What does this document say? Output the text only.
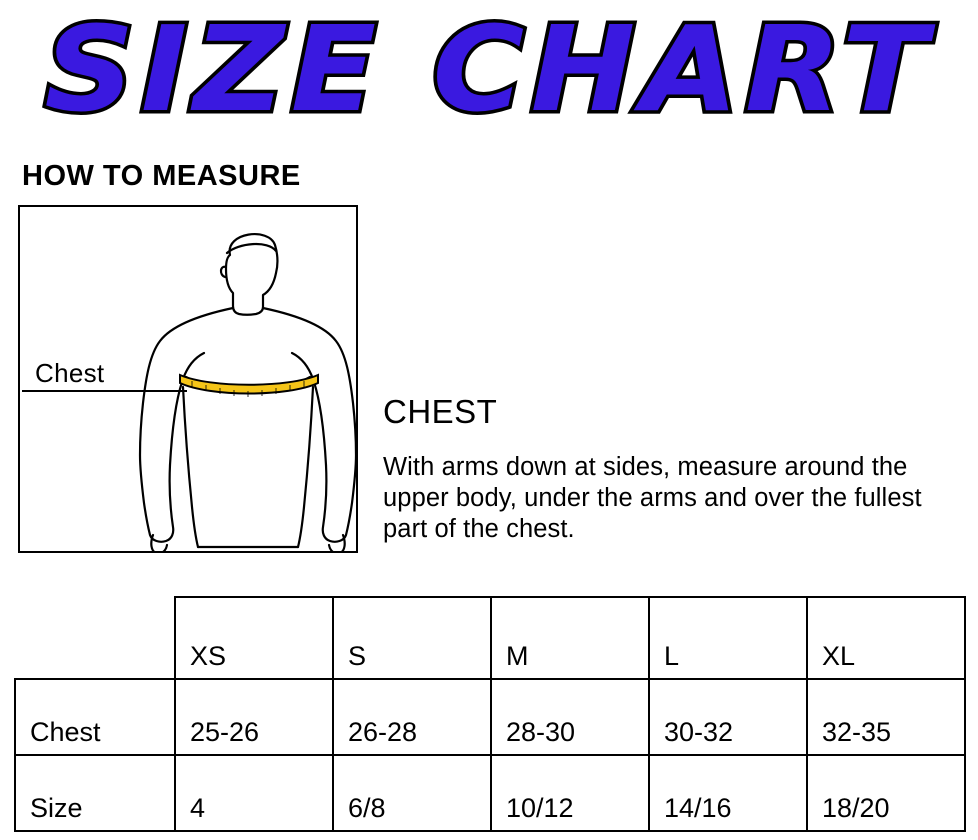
SIZE CHART
HOW TO MEASURE
Chest
CHEST
With arms down at sides, measure around the upper body, under the arms and over the fullest part of the chest.
	XS	S	M	L	XL
Chest	25-26	26-28	28-30	30-32	32-35
Size	4	6/8	10/12	14/16	18/20
